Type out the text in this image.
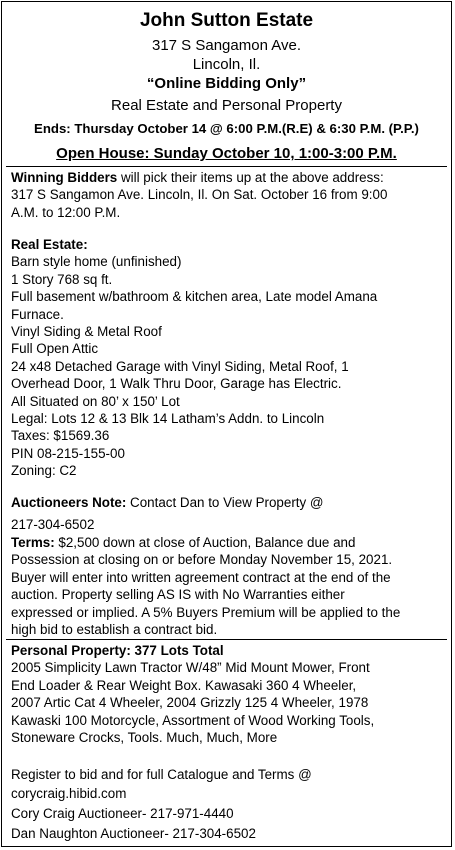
John Sutton Estate
317 S Sangamon Ave.
Lincoln, Il.
“Online Bidding Only”
Real Estate and Personal Property
Ends: Thursday October 14 @ 6:00 P.M.(R.E) & 6:30 P.M. (P.P.)
Open House: Sunday October 10, 1:00-3:00 P.M.
Winning Bidders will pick their items up at the above address:
317 S Sangamon Ave. Lincoln, Il. On Sat. October 16 from 9:00
A.M. to 12:00 P.M.
Real Estate:
Barn style home (unfinished)
1 Story 768 sq ft.
Full basement w/bathroom & kitchen area, Late model Amana
Furnace.
Vinyl Siding & Metal Roof
Full Open Attic
24 x48 Detached Garage with Vinyl Siding, Metal Roof, 1
Overhead Door, 1 Walk Thru Door, Garage has Electric.
All Situated on 80’ x 150’ Lot
Legal: Lots 12 & 13 Blk 14 Latham’s Addn. to Lincoln
Taxes: $1569.36
PIN 08-215-155-00
Zoning: C2
Auctioneers Note: Contact Dan to View Property @
217-304-6502
Terms: $2,500 down at close of Auction, Balance due and
Possession at closing on or before Monday November 15, 2021.
Buyer will enter into written agreement contract at the end of the
auction. Property selling AS IS with No Warranties either
expressed or implied. A 5% Buyers Premium will be applied to the
high bid to establish a contract bid.
Personal Property: 377 Lots Total
2005 Simplicity Lawn Tractor W/48” Mid Mount Mower, Front
End Loader & Rear Weight Box. Kawasaki 360 4 Wheeler,
2007 Artic Cat 4 Wheeler, 2004 Grizzly 125 4 Wheeler, 1978
Kawaski 100 Motorcycle, Assortment of Wood Working Tools,
Stoneware Crocks, Tools. Much, Much, More
Register to bid and for full Catalogue and Terms @
corycraig.hibid.com
Cory Craig Auctioneer- 217-971-4440
Dan Naughton Auctioneer- 217-304-6502
